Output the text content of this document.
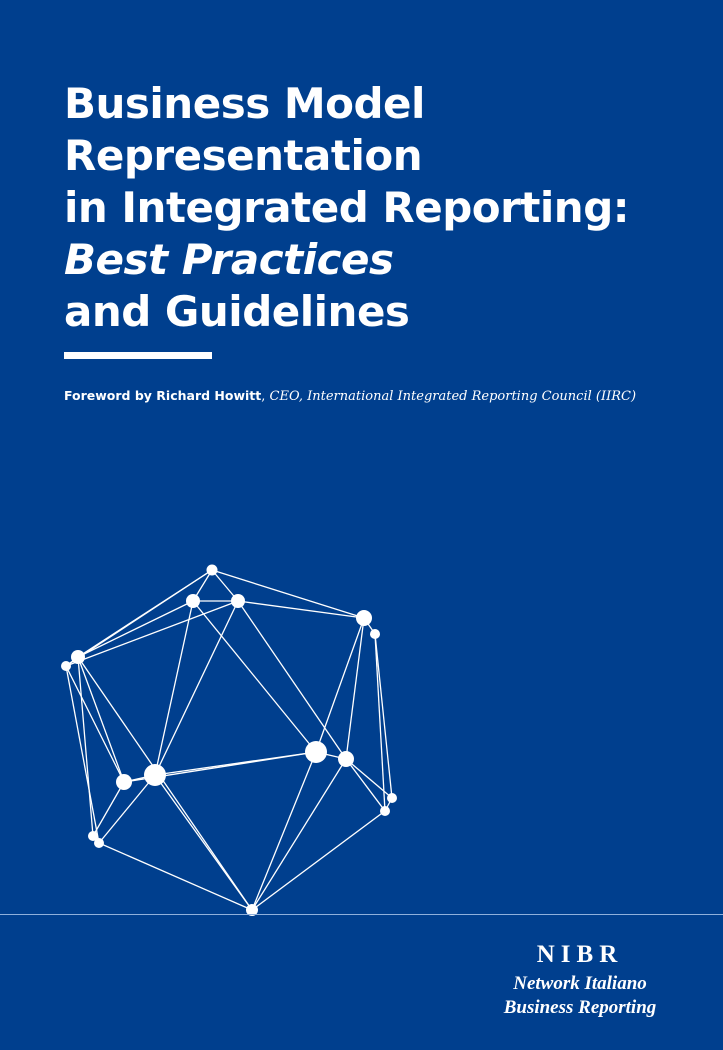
Business Model
Representation
in Integrated Reporting:
Best Practices
and Guidelines
Foreword by Richard Howitt, CEO, International Integrated Reporting Council (IIRC)
NIBR
Network Italiano
Business Reporting
